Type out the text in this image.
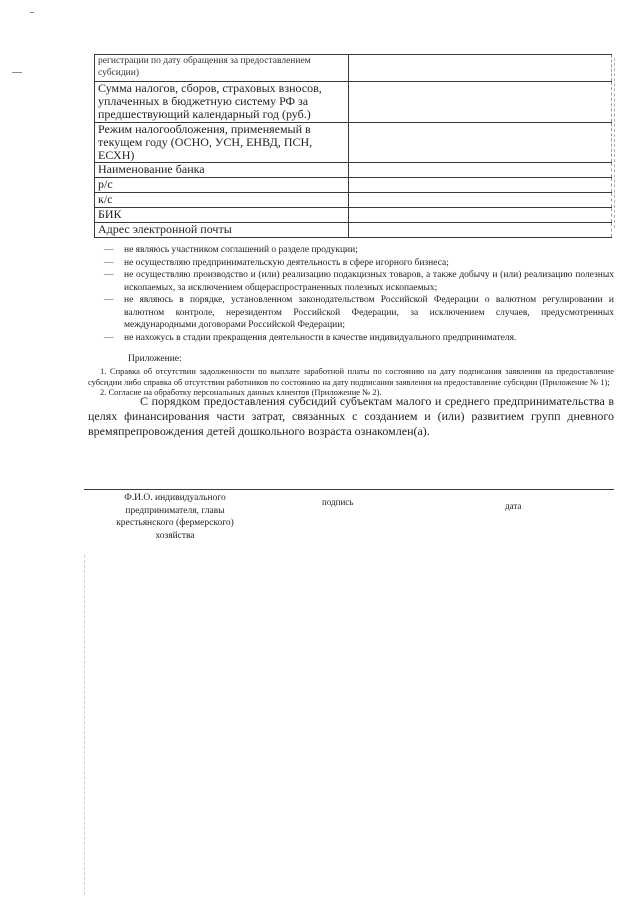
регистрации по дату обращения за предоставлением субсидии)	
Сумма налогов, сборов, страховых взносов, уплаченных в бюджетную систему РФ за предшествующий календарный год (руб.)	
Режим налогообложения, применяемый в текущем году (ОСНО, УСН, ЕНВД, ПСН, ЕСХН)	
Наименование банка	
р/с	
к/с	
БИК	
Адрес электронной почты	
—	не являюсь участником соглашений о разделе продукции;
—	не осуществляю предпринимательскую деятельность в сфере игорного бизнеса;
—	не осуществляю производство и (или) реализацию подакцизных товаров, а также добычу и (или) реализацию полезных ископаемых, за исключением общераспространенных полезных ископаемых;
—	не являюсь в порядке, установленном законодательством Российской Федерации о валютном регулировании и валютном контроле, нерезидентом Российской Федерации, за исключением случаев, предусмотренных международными договорами Российской Федерации;
—	не нахожусь в стадии прекращения деятельности в качестве индивидуального предпринимателя.
Приложение:
1. Справка об отсутствии задолженности по выплате заработной платы по состоянию на дату подписания заявления на предоставление субсидии либо справка об отсутствии работников по состоянию на дату подписания заявления на предоставление субсидии (Приложение № 1);
2. Согласие на обработку персональных данных клиентов (Приложение № 2).

С порядком предоставления субсидий субъектам малого и среднего предпринимательства в целях финансирования части затрат, связанных с созданием и (или) развитием групп дневного времяпрепровождения детей дошкольного возраста ознакомлен(а).

Ф.И.О. индивидуального предпринимателя, главы крестьянского (фермерского) хозяйства
подпись	дата
